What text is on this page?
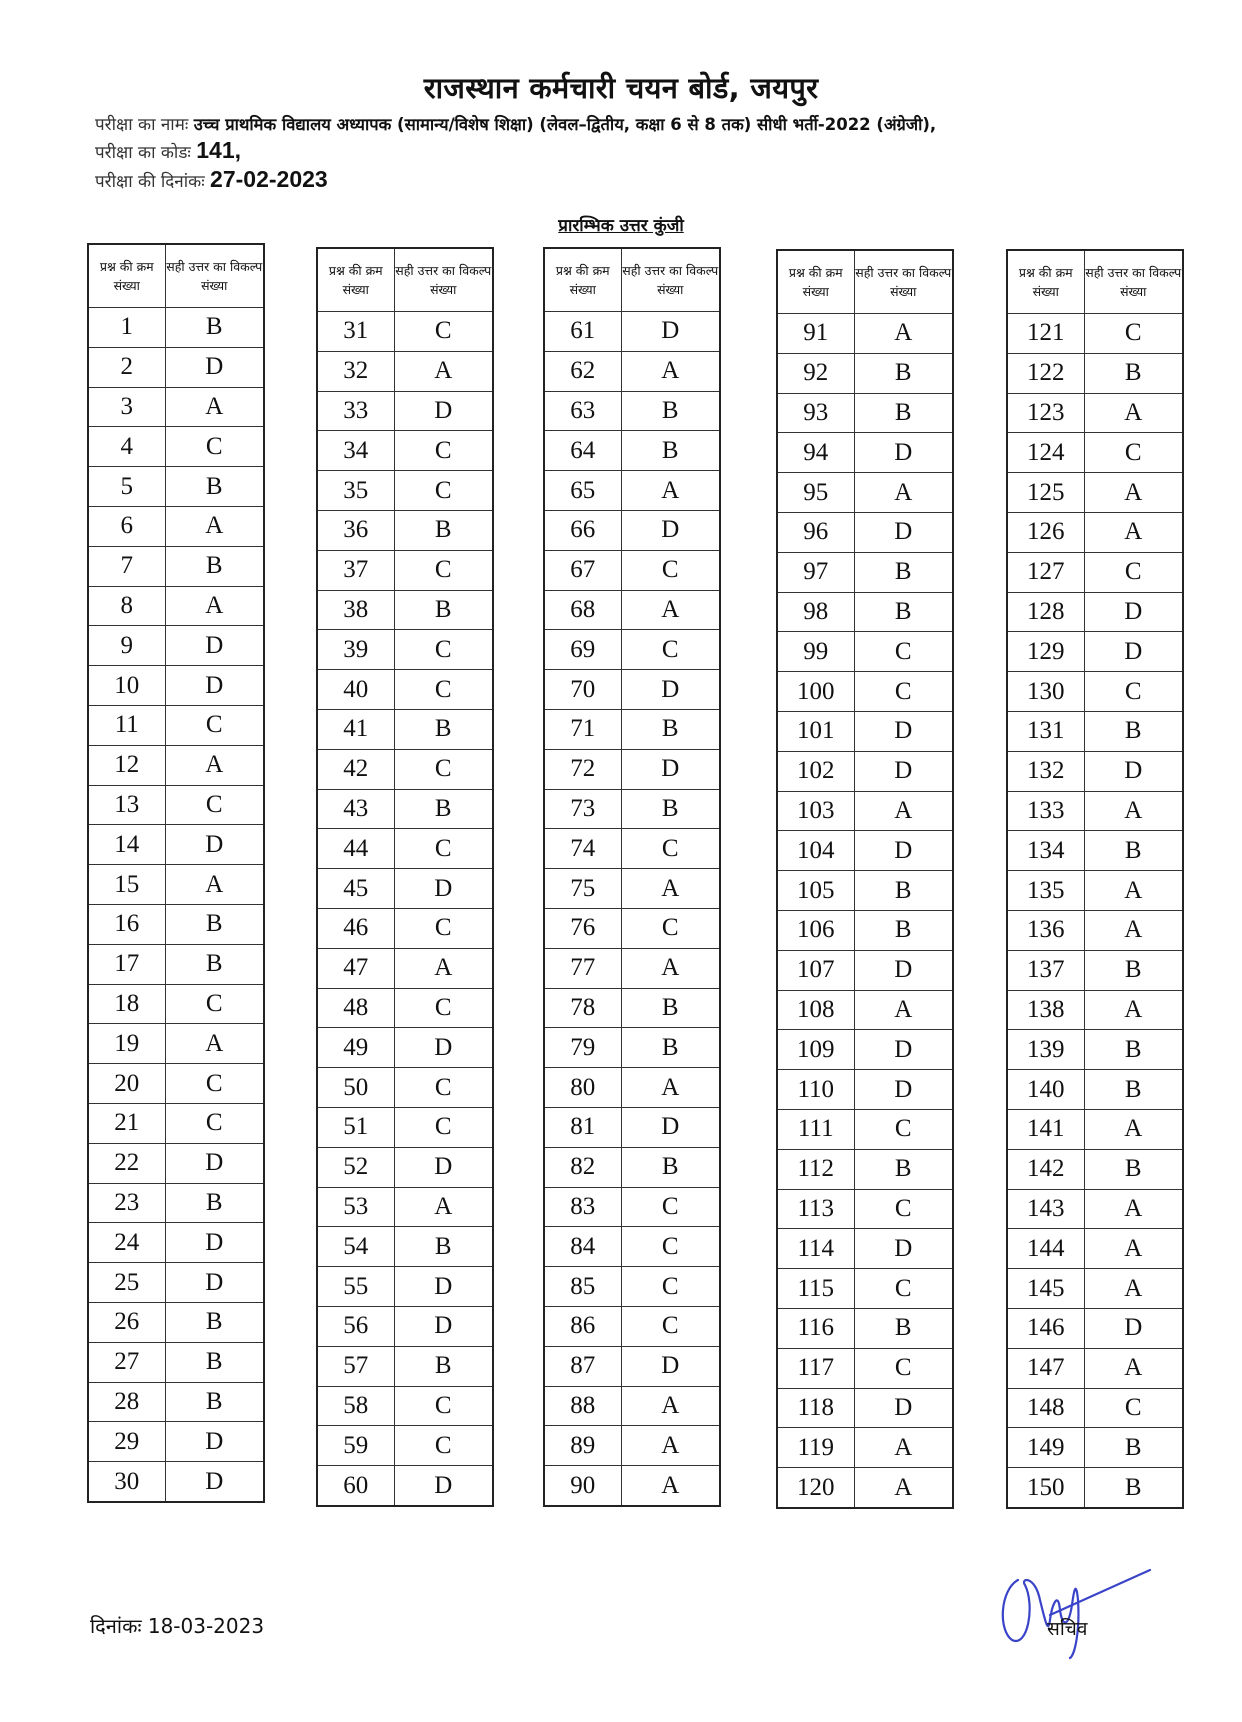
राजस्थान कर्मचारी चयन बोर्ड, जयपुर
परीक्षा का नामः उच्च प्राथमिक विद्यालय अध्यापक (सामान्य/विशेष शिक्षा) (लेवल–द्वितीय, कक्षा 6 से 8 तक) सीधी भर्ती-2022 (अंग्रेजी),
परीक्षा का कोडः 141,
परीक्षा की दिनांकः 27-02-2023
प्रारम्भिक उत्तर कुंजी
प्रश्न की क्रम संख्या	सही उत्तर का विकल्प संख्या
1	B
2	D
3	A
4	C
5	B
6	A
7	B
8	A
9	D
10	D
11	C
12	A
13	C
14	D
15	A
16	B
17	B
18	C
19	A
20	C
21	C
22	D
23	B
24	D
25	D
26	B
27	B
28	B
29	D
30	D
प्रश्न की क्रम संख्या	सही उत्तर का विकल्प संख्या
31	C
32	A
33	D
34	C
35	C
36	B
37	C
38	B
39	C
40	C
41	B
42	C
43	B
44	C
45	D
46	C
47	A
48	C
49	D
50	C
51	C
52	D
53	A
54	B
55	D
56	D
57	B
58	C
59	C
60	D
प्रश्न की क्रम संख्या	सही उत्तर का विकल्प संख्या
61	D
62	A
63	B
64	B
65	A
66	D
67	C
68	A
69	C
70	D
71	B
72	D
73	B
74	C
75	A
76	C
77	A
78	B
79	B
80	A
81	D
82	B
83	C
84	C
85	C
86	C
87	D
88	A
89	A
90	A
प्रश्न की क्रम संख्या	सही उत्तर का विकल्प संख्या
91	A
92	B
93	B
94	D
95	A
96	D
97	B
98	B
99	C
100	C
101	D
102	D
103	A
104	D
105	B
106	B
107	D
108	A
109	D
110	D
111	C
112	B
113	C
114	D
115	C
116	B
117	C
118	D
119	A
120	A
प्रश्न की क्रम संख्या	सही उत्तर का विकल्प संख्या
121	C
122	B
123	A
124	C
125	A
126	A
127	C
128	D
129	D
130	C
131	B
132	D
133	A
134	B
135	A
136	A
137	B
138	A
139	B
140	B
141	A
142	B
143	A
144	A
145	A
146	D
147	A
148	C
149	B
150	B
दिनांकः 18-03-2023	सचिव
